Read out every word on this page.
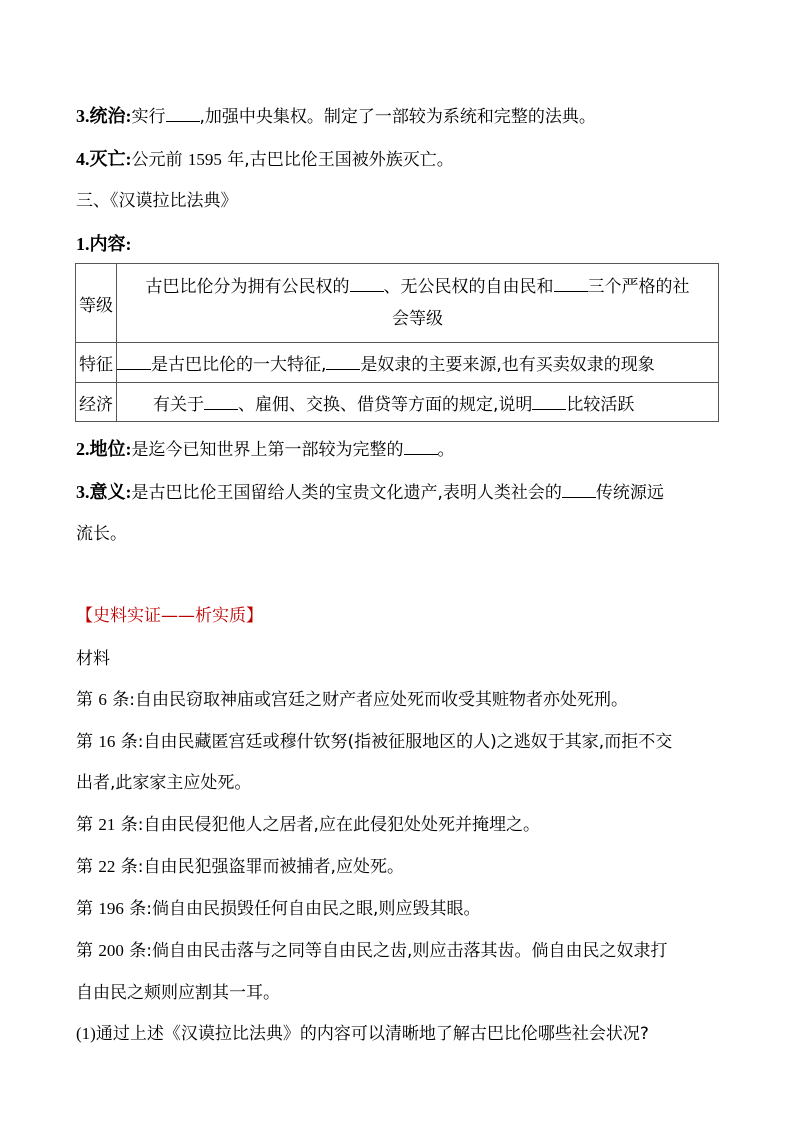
3.统治:实行 ,加强中央集权。制定了一部较为系统和完整的法典。
4.灭亡:公元前 1595 年,古巴比伦王国被外族灭亡。
三、《汉谟拉比法典》
1.内容:
等级	古巴比伦分为拥有公民权的 、无公民权的自由民和 三个严格的社
会等级

特征	是古巴比伦的一大特征, 是奴隶的主要来源,也有买卖奴隶的现象
经济	有关于 、雇佣、交换、借贷等方面的规定,说明 比较活跃
2.地位:是迄今已知世界上第一部较为完整的 。
3.意义:是古巴比伦王国留给人类的宝贵文化遗产,表明人类社会的 传统源远
流长。
【史料实证——析实质】
材料
第 6 条:自由民窃取神庙或宫廷之财产者应处死而收受其赃物者亦处死刑。
第 16 条:自由民藏匿宫廷或穆什钦努(指被征服地区的人)之逃奴于其家,而拒不交
出者,此家家主应处死。
第 21 条:自由民侵犯他人之居者,应在此侵犯处处死并掩埋之。
第 22 条:自由民犯强盗罪而被捕者,应处死。
第 196 条:倘自由民损毁任何自由民之眼,则应毁其眼。
第 200 条:倘自由民击落与之同等自由民之齿,则应击落其齿。倘自由民之奴隶打
自由民之颊则应割其一耳。
(1)通过上述《汉谟拉比法典》的内容可以清晰地了解古巴比伦哪些社会状况?
